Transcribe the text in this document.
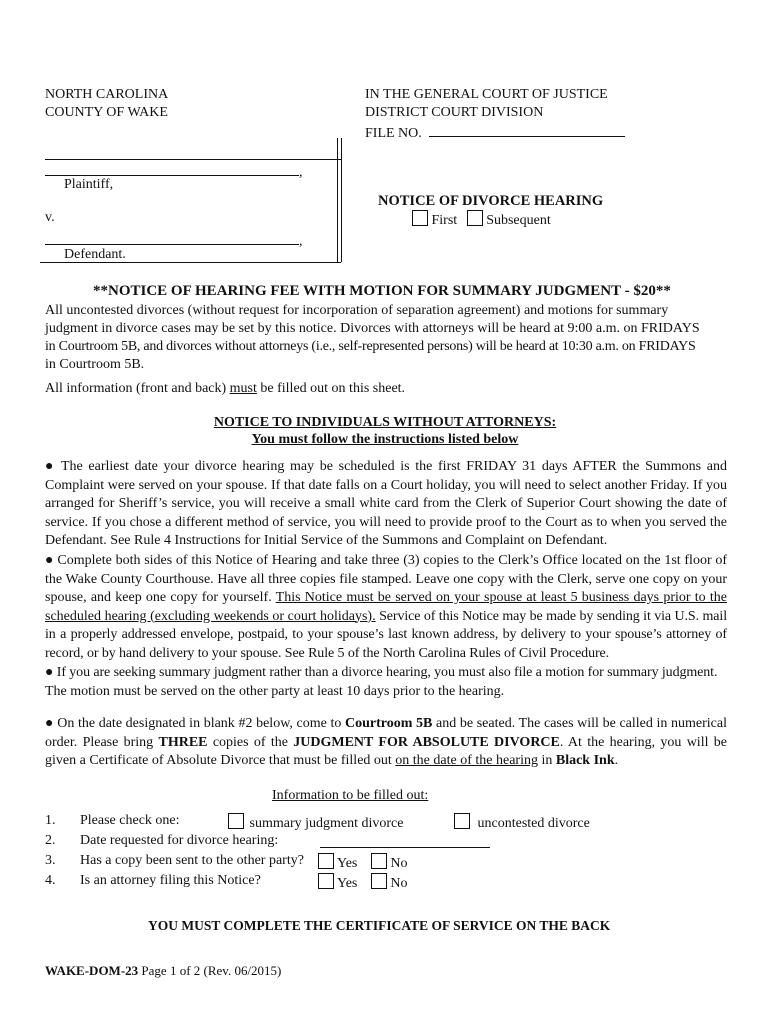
NORTH CAROLINA
COUNTY OF WAKE
IN THE GENERAL COURT OF JUSTICE
DISTRICT COURT DIVISION
FILE NO.
,
Plaintiff,
v.
,
Defendant.
NOTICE OF DIVORCE HEARING
First Subsequent
**NOTICE OF HEARING FEE WITH MOTION FOR SUMMARY JUDGMENT - $20**
All uncontested divorces (without request for incorporation of separation agreement) and motions for summary
judgment in divorce cases may be set by this notice. Divorces with attorneys will be heard at 9:00 a.m. on FRIDAYS
in Courtroom 5B, and divorces without attorneys (i.e., self-represented persons) will be heard at 10:30 a.m. on FRIDAYS
in Courtroom 5B.
All information (front and back) must be filled out on this sheet.
NOTICE TO INDIVIDUALS WITHOUT ATTORNEYS:
You must follow the instructions listed below

● The earliest date your divorce hearing may be scheduled is the first FRIDAY 31 days AFTER the Summons and Complaint were served on your spouse. If that date falls on a Court holiday, you will need to select another Friday. If you arranged for Sheriff’s service, you will receive a small white card from the Clerk of Superior Court showing the date of service. If you chose a different method of service, you will need to provide proof to the Court as to when you served the Defendant. See Rule 4 Instructions for Initial Service of the Summons and Complaint on Defendant.

● Complete both sides of this Notice of Hearing and take three (3) copies to the Clerk’s Office located on the 1st floor of the Wake County Courthouse. Have all three copies file stamped. Leave one copy with the Clerk, serve one copy on your spouse, and keep one copy for yourself. This Notice must be served on your spouse at least 5 business days prior to the scheduled hearing (excluding weekends or court holidays). Service of this Notice may be made by sending it via U.S. mail in a properly addressed envelope, postpaid, to your spouse’s last known address, by delivery to your spouse’s attorney of record, or by hand delivery to your spouse. See Rule 5 of the North Carolina Rules of Civil Procedure.

● If you are seeking summary judgment rather than a divorce hearing, you must also file a motion for summary judgment.
The motion must be served on the other party at least 10 days prior to the hearing.

● On the date designated in blank #2 below, come to Courtroom 5B and be seated. The cases will be called in numerical order. Please bring THREE copies of the JUDGMENT FOR ABSOLUTE DIVORCE. At the hearing, you will be given a Certificate of Absolute Divorce that must be filled out on the date of the hearing in Black Ink.

Information to be filled out:
1. Please check one:	summary judgment divorce	uncontested divorce
2. Date requested for divorce hearing:
3. Has a copy been sent to the other party?	Yes No
4. Is an attorney filing this Notice?	Yes No
YOU MUST COMPLETE THE CERTIFICATE OF SERVICE ON THE BACK
WAKE-DOM-23 Page 1 of 2 (Rev. 06/2015)
